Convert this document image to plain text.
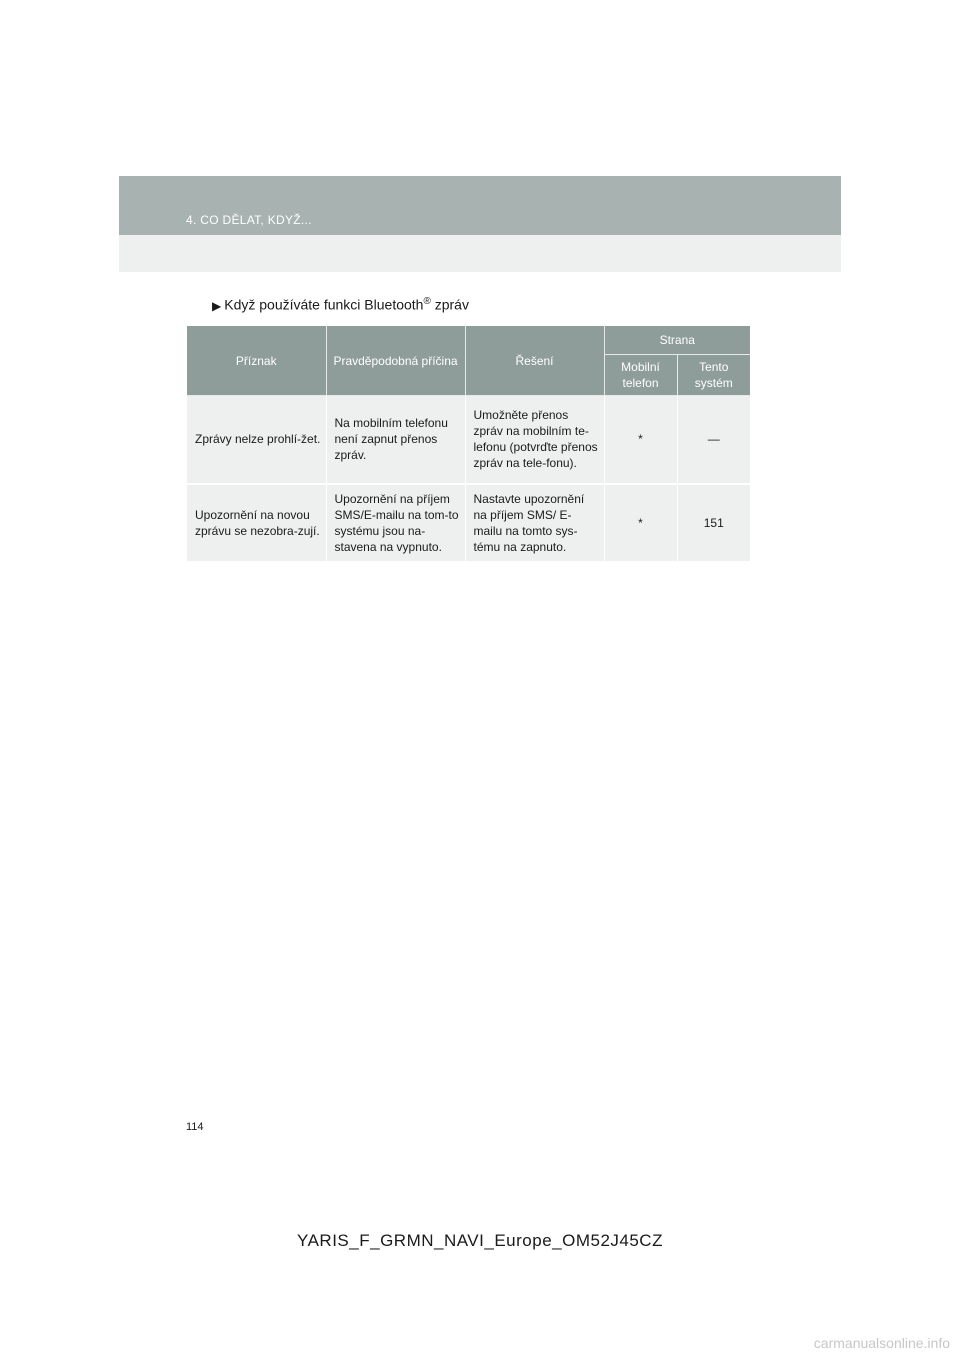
4. CO DĚLAT, KDYŽ...
▶ Když používáte funkci Bluetooth® zpráv
Příznak	Pravděpodobná příčina	Řešení	Strana	
			Mobilní telefon	Tento systém
Zprávy nelze prohlí-žet.	Na mobilním telefonu není zapnut přenos zpráv.	Umožněte přenos zpráv na mobilním te-lefonu (potvrďte přenos zpráv na tele-fonu).	*	—
Upozornění na novou zprávu se nezobra-zují.	Upozornění na příjem SMS/E-mailu na tom-to systému jsou na-stavena na vypnuto.	Nastavte upozornění na příjem SMS/ E-mailu na tomto sys-tému na zapnuto.	*	151
114
YARIS_F_GRMN_NAVI_Europe_OM52J45CZ
carmanualsonline.info
